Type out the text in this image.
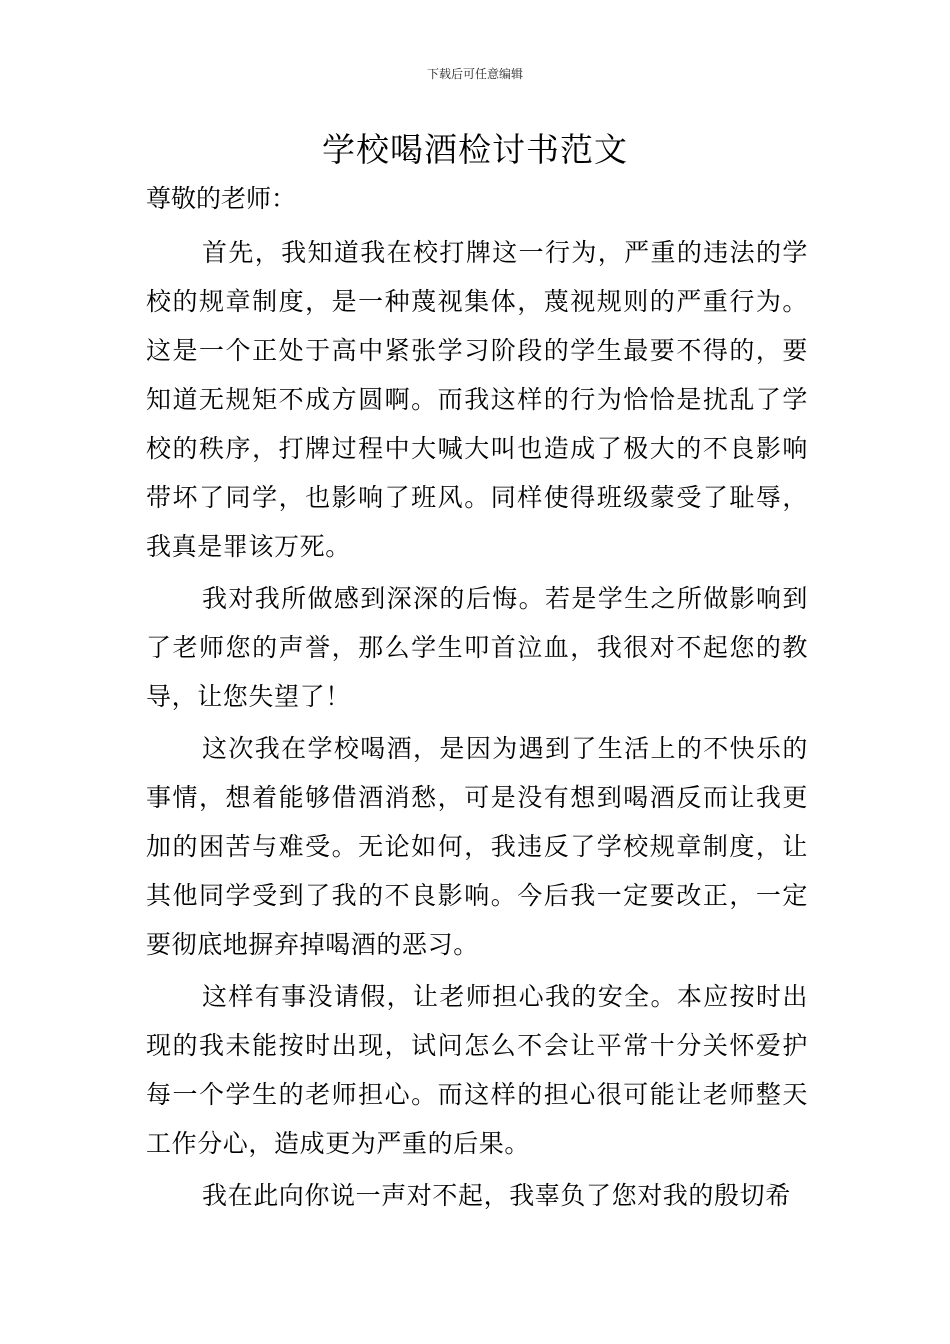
下载后可任意编辑
学校喝酒检讨书范文
尊敬的老师：

首先，我知道我在校打牌这一行为，严重的违法的学校的规章制度，是一种蔑视集体，蔑视规则的严重行为。这是一个正处于高中紧张学习阶段的学生最要不得的，要知道无规矩不成方圆啊。而我这样的行为恰恰是扰乱了学校的秩序，打牌过程中大喊大叫也造成了极大的不良影响带坏了同学，也影响了班风。同样使得班级蒙受了耻辱，我真是罪该万死。

我对我所做感到深深的后悔。若是学生之所做影响到了老师您的声誉，那么学生叩首泣血，我很对不起您的教导，让您失望了！

这次我在学校喝酒，是因为遇到了生活上的不快乐的事情，想着能够借酒消愁，可是没有想到喝酒反而让我更加的困苦与难受。无论如何，我违反了学校规章制度，让其他同学受到了我的不良影响。今后我一定要改正，一定要彻底地摒弃掉喝酒的恶习。

这样有事没请假，让老师担心我的安全。本应按时出现的我未能按时出现，试问怎么不会让平常十分关怀爱护每一个学生的老师担心。而这样的担心很可能让老师整天工作分心，造成更为严重的后果。

我在此向你说一声对不起，我辜负了您对我的殷切希
